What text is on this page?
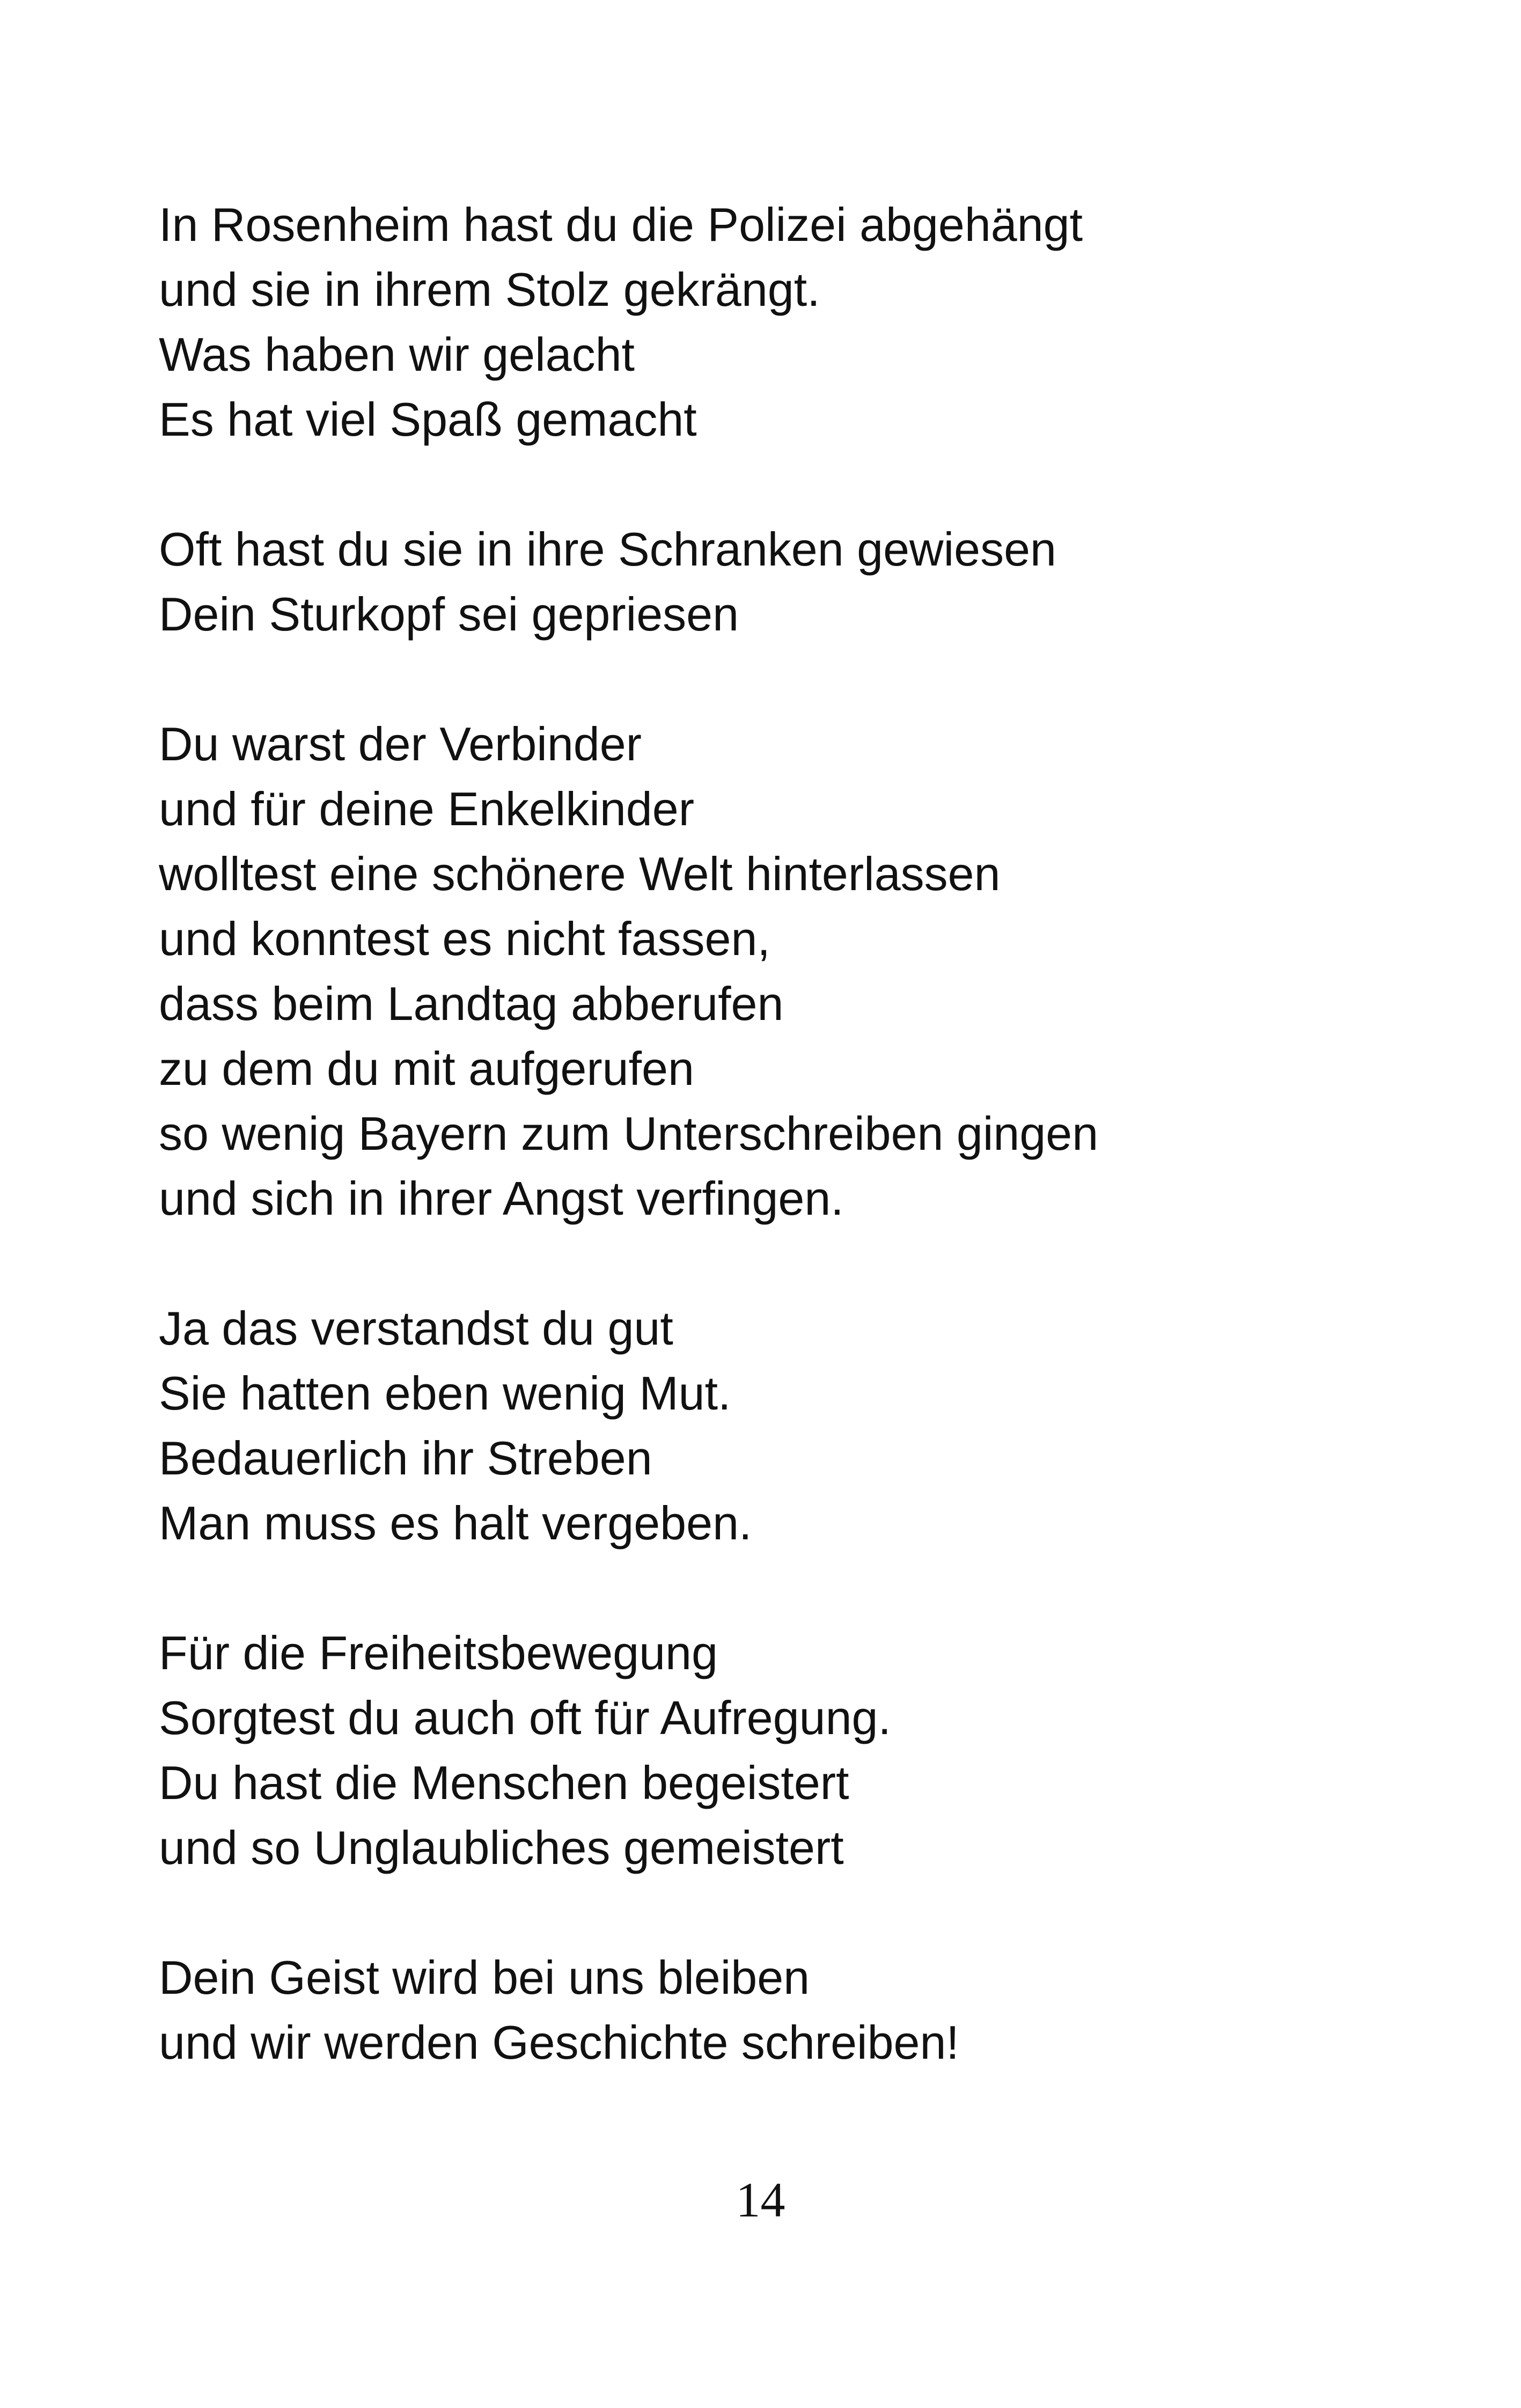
In Rosenheim hast du die Polizei abgehängt
und sie in ihrem Stolz gekrängt.
Was haben wir gelacht
Es hat viel Spaß gemacht
Oft hast du sie in ihre Schranken gewiesen
Dein Sturkopf sei gepriesen
Du warst der Verbinder
und für deine Enkelkinder
wolltest eine schönere Welt hinterlassen
und konntest es nicht fassen,
dass beim Landtag abberufen
zu dem du mit aufgerufen
so wenig Bayern zum Unterschreiben gingen
und sich in ihrer Angst verfingen.
Ja das verstandst du gut
Sie hatten eben wenig Mut.
Bedauerlich ihr Streben
Man muss es halt vergeben.
Für die Freiheitsbewegung
Sorgtest du auch oft für Aufregung.
Du hast die Menschen begeistert
und so Unglaubliches gemeistert
Dein Geist wird bei uns bleiben
und wir werden Geschichte schreiben!
14
